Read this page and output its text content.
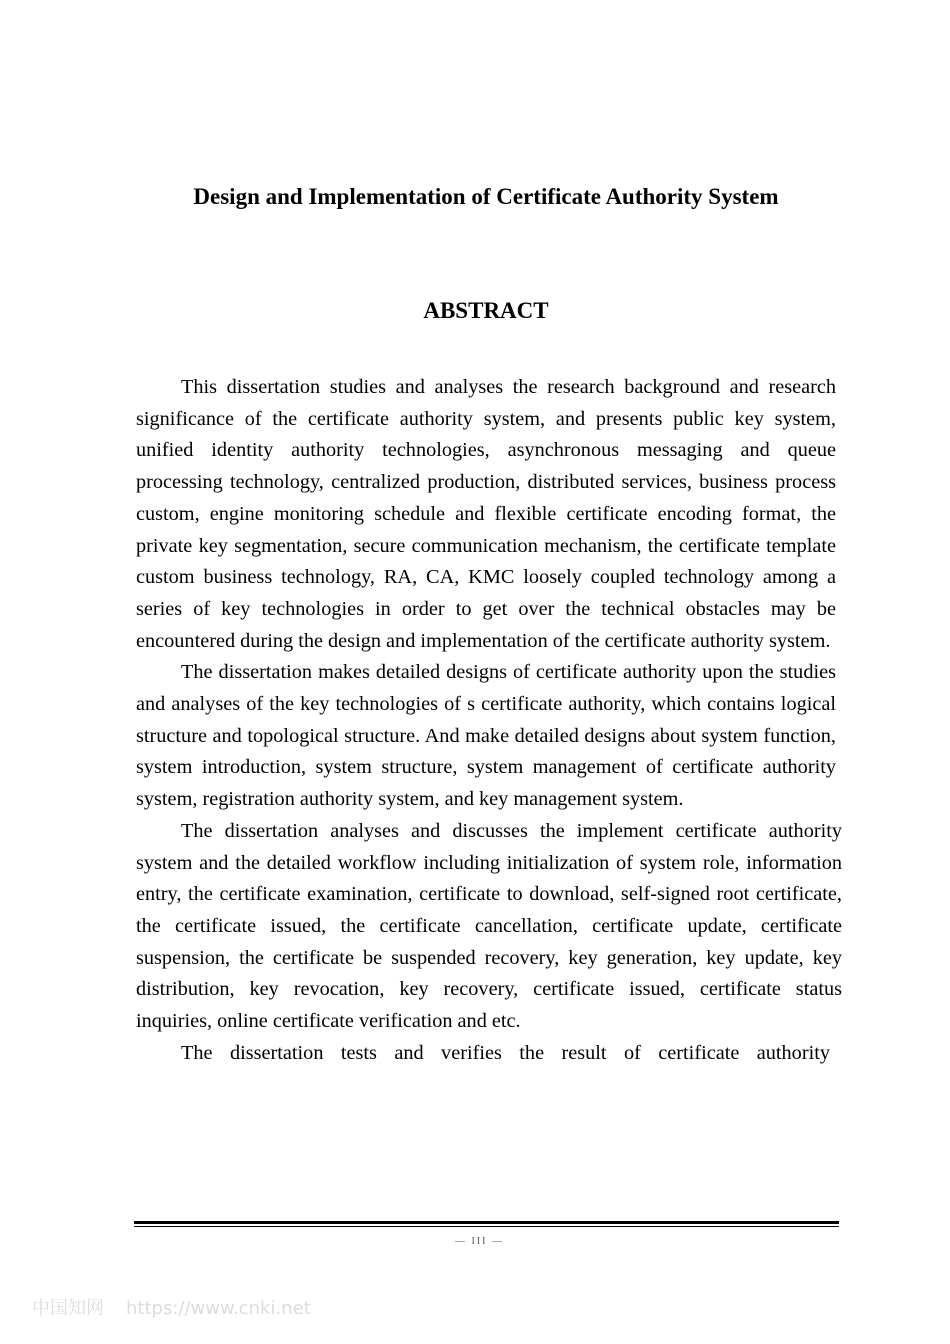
Design and Implementation of Certificate Authority System
ABSTRACT

This dissertation studies and analyses the research background and research significance of the certificate authority system, and presents public key system, unified identity authority technologies, asynchronous messaging and queue processing technology, centralized production, distributed services, business process custom, engine monitoring schedule and flexible certificate encoding format, the private key segmentation, secure communication mechanism, the certificate template custom business technology, RA, CA, KMC loosely coupled technology among a series of key technologies in order to get over the technical obstacles may be encountered during the design and implementation of the certificate authority system.

The dissertation makes detailed designs of certificate authority upon the studies and analyses of the key technologies of s certificate authority, which contains logical structure and topological structure. And make detailed designs about system function, system introduction, system structure, system management of certificate authority system, registration authority system, and key management system.

The dissertation analyses and discusses the implement certificate authority system and the detailed workflow including initialization of system role, information entry, the certificate examination, certificate to download, self-signed root certificate, the certificate issued, the certificate cancellation, certificate update, certificate suspension, the certificate be suspended recovery, key generation, key update, key distribution, key revocation, key recovery, certificate issued, certificate status inquiries, online certificate verification and etc.

The dissertation tests and verifies the result of certificate authority

— III —
中国知网 https://www.cnki.net
